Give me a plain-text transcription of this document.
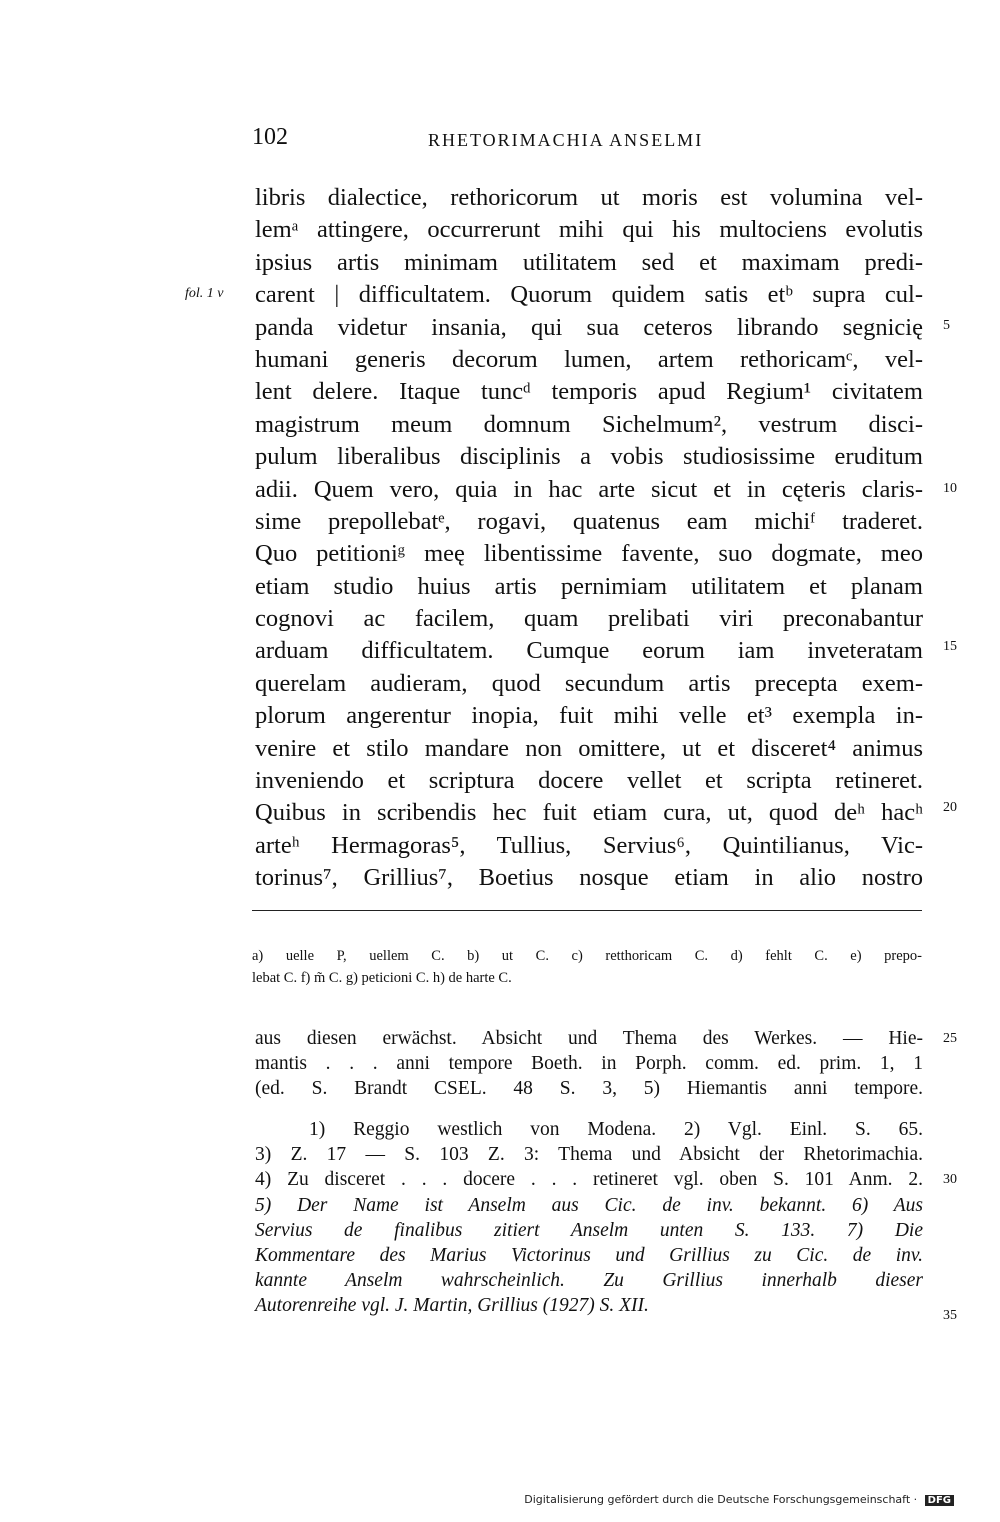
102	RHETORIMACHIA ANSELMI
fol. 1 v
libris dialectice, rethoricorum ut moris est volumina vel-
lemᵃ attingere, occurrerunt mihi qui his multociens evolutis
ipsius artis minimam utilitatem sed et maximam predi-
carent | difficultatem. Quorum quidem satis etᵇ supra cul-
panda videtur insania, qui sua ceteros librando segnicię
humani generis decorum lumen, artem rethoricamᶜ, vel-
lent delere. Itaque tuncᵈ temporis apud Regium¹ civitatem
magistrum meum domnum Sichelmum², vestrum disci-
pulum liberalibus disciplinis a vobis studiosissime eruditum
adii. Quem vero, quia in hac arte sicut et in cęteris claris-
sime prepollebatᵉ, rogavi, quatenus eam michiᶠ traderet.
Quo petitioniᵍ meę libentissime favente, suo dogmate, meo
etiam studio huius artis pernimiam utilitatem et planam
cognovi ac facilem, quam prelibati viri preconabantur
arduam difficultatem. Cumque eorum iam inveteratam
querelam audieram, quod secundum artis precepta exem-
plorum angerentur inopia, fuit mihi velle et³ exempla in-
venire et stilo mandare non omittere, ut et disceret⁴ animus
inveniendo et scriptura docere vellet et scripta retineret.
Quibus in scribendis hec fuit etiam cura, ut, quod deʰ hacʰ
arteʰ Hermagoras⁵, Tullius, Servius⁶, Quintilianus, Vic-
torinus⁷, Grillius⁷, Boetius nosque etiam in alio nostro
5
10
15
20
a) uelle P, uellem C. b) ut C. c) retthoricam C. d) fehlt C. e) prepo-
lebat C. f) m̃ C. g) peticioni C. h) de harte C.
aus diesen erwächst. Absicht und Thema des Werkes. — Hie-
mantis . . . anni tempore Boeth. in Porph. comm. ed. prim. 1, 1
(ed. S. Brandt CSEL. 48 S. 3, 5) Hiemantis anni tempore.
1) Reggio westlich von Modena. 2) Vgl. Einl. S. 65.
3) Z. 17 — S. 103 Z. 3: Thema und Absicht der Rhetorimachia.
4) Zu disceret . . . docere . . . retineret vgl. oben S. 101 Anm. 2.
5) Der Name ist Anselm aus Cic. de inv. bekannt. 6) Aus
Servius de finalibus zitiert Anselm unten S. 133. 7) Die
Kommentare des Marius Victorinus und Grillius zu Cic. de inv.
kannte Anselm wahrscheinlich. Zu Grillius innerhalb dieser
Autorenreihe vgl. J. Martin, Grillius (1927) S. XII.
25
30
35
Digitalisierung gefördert durch die Deutsche Forschungsgemeinschaft · DFG
